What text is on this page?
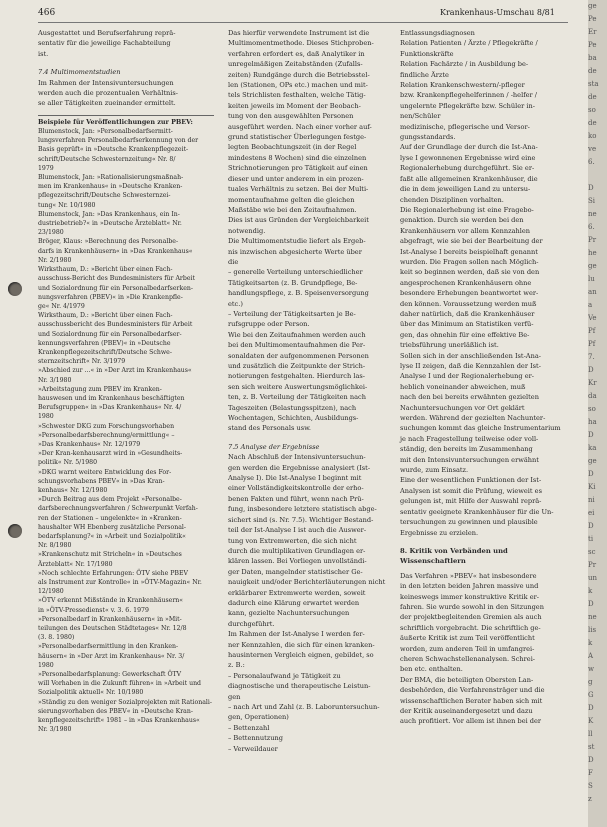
466	Krankenhaus-Umschau 8/81
Ausgestattet und Berufserfahrung reprä-
sentativ für die jeweilige Fachabteilung
ist.

7.4 Multimomentstudien

Im Rahmen der Intensivuntersuchungen
werden auch die prozentualen Verhältnis-
se aller Tätigkeiten zueinander ermittelt.

Beispiele für Veröffentlichungen zur PBEV:

Blumenstock, Jan: »Personalbedarfsermitt-
lungsverfahren Personalbedarfserkennung von der
Basis geprüft« in »Deutsche Krankenpflegezeit-
schrift/Deutsche Schwesternzeitung« Nr. 8/
1979
Blumenstock, Jan: »Rationalisierungsmaßnah-
men im Krankenhaus« in »Deutsche Kranken-
pflegezeitschrift/Deutsche Schwesternzei-
tung« Nr. 10/1980
Blumenstock, Jan: »Das Krankenhaus, ein In-
dustriebetrieb?« in »Deutsche Ärzteblatt« Nr.
23/1980
Bröger, Klaus: »Berechnung des Personalbe-
darfs in Krankenhäusern« in »Das Krankenhaus«
Nr. 2/1980
Wirksthaum, D.: »Bericht über einen Fach-
ausschuss-Bericht des Bundesministers für Arbeit
und Sozialordnung für ein Personalbedarfserken-
nungsverfahren (PBEV)« in »Die Krankenpfle-
ge« Nr. 4/1979
Wirksthaum, D.: »Bericht über einen Fach-
ausschussbericht des Bundesministers für Arbeit
und Sozialordnung für ein Personalbedarfser-
kennungsverfahren (PBEV)« in »Deutsche
Krankenpflegezeitschrift/Deutsche Schwe-
sternzeitschrift« Nr. 3/1979
»Abschied zur ...« in »Der Arzt im Krankenhaus«
Nr. 3/1980
»Arbeitstagung zum PBEV im Kranken-
hauswesen und im Krankenhaus beschäftigten
Berufsgruppen« in »Das Krankenhaus« Nr. 4/
1980
»Schwester DKG zum Forschungsvorhaben
»Personalbedarfsberechnung/ermittlung« –
»Das Krankenhaus« Nr. 12/1979
»Der Kran-kenhausarzt wird in »Gesundheits-
politik« Nr. 5/1980
»DKG warnt weitere Entwicklung des For-
schungsvorhabens PBEV« in »Das Kran-
kenhaus« Nr. 12/1980
»Durch Beitrag aus dem Projekt »Personalbe-
darfsberechnungsverfahren / Schwerpunkt Verfah-
ren der Stationen – ungelenkte« in »Kranken-
haushalter WH Ebenberg zusätzliche Personal-
bedarfsplanung?« in »Arbeit und Sozialpolitik«
Nr. 8/1980
»Krankenschutz mit Stricheln« in »Deutsches
Ärzteblatt« Nr. 17/1980
»Noch schlechte Erfahrungen: ÖTV siehe PBEV
als Instrument zur Kontrolle« in »ÖTV-Magazin« Nr. 12/1980
»ÖTV erkennt Mißstände in Krankenhäusern«
in »ÖTV-Pressedienst« v. 3. 6. 1979
»Personalbedarf in Krankenhäusern« in »Mit-
teilungen des Deutschen Städtetages« Nr. 12/8
(3. 8. 1980)
»Personalbedarfsermittlung in den Kranken-
häusern« in »Der Arzt im Krankenhaus« Nr. 3/
1980
»Personalbedarfsplanung: Gewerkschaft ÖTV
will Vorhaben in die Zukunft führen« in »Arbeit und
Sozialpolitik aktuell« Nr. 10/1980
»Ständig zu den weniger Sozialprojekten mit Rationali-
sierungsvorhaben des PBEV« in »Deutsche Kran-
kenpflegezeitschrift« 1981 – in »Das Krankenhaus«
Nr. 3/1980
Das hierfür verwendete Instrument ist die
Multimomentmethode. Dieses Stichproben-
verfahren erfordert es, daß Analytiker in
unregelmäßigen Zeitabständen (Zufalls-
zeiten) Rundgänge durch die Betriebsstel-
len (Stationen, OPs etc.) machen und mit-
tels Strichlisten festhalten, welche Tätig-
keiten jeweils im Moment der Beobach-
tung von den ausgewählten Personen
ausgeführt werden. Nach einer vorher auf-
grund statistischer Überlegungen festge-
legten Beobachtungszeit (in der Regel
mindestens 8 Wochen) sind die einzelnen
Strichnotierungen pro Tätigkeit auf einen
dieser und unter anderem in ein prozen-
tuales Verhältnis zu setzen. Bei der Multi-
momentaufnahme gelten die gleichen
Maßstäbe wie bei den Zeitaufnahmen.
Dies ist aus Gründen der Vergleichbarkeit
notwendig.
Die Multimomentstudie liefert als Ergeb-
nis inzwischen abgesicherte Werte über
die
– generelle Verteilung unterschiedlicher
Tätigkeitsarten (z. B. Grundpflege, Be-
handlungspflege, z. B. Speisenversorgung
etc.)
– Verteilung der Tätigkeitsarten je Be-
rufsgruppe oder Person.
Wie bei den Zeitaufnahmen werden auch
bei den Multimomentaufnahmen die Per-
sonaldaten der aufgenommenen Personen
und zusätzlich die Zeitpunkte der Strich-
notierungen festgehalten. Hierdurch las-
sen sich weitere Auswertungsmöglichkei-
ten, z. B. Verteilung der Tätigkeiten nach
Tageszeiten (Belastungsspitzen), nach
Wochentagen, Schichten, Ausbildungs-
stand des Personals usw.

7.5 Analyse der Ergebnisse

Nach Abschluß der Intensivuntersuchun-
gen werden die Ergebnisse analysiert (Ist-
Analyse I). Die Ist-Analyse I beginnt mit
einer Vollständigkeitskontrolle der erho-
benen Fakten und führt, wenn nach Prü-
fung, insbesondere letztere statistisch abge-
sichert sind (s. Nr. 7.5). Wichtiger Bestand-
teil der Ist-Analyse I ist auch die Auswer-
tung von Extremwerten, die sich nicht
durch die multiplikativen Grundlagen er-
klären lassen. Bei Vorliegen unvollständi-
ger Daten, mangelnder statistischer Ge-
nauigkeit und/oder Berichterläuterungen nicht
erklärbarer Extremwerte werden, soweit
dadurch eine Klärung erwartet werden
kann, gezielte Nachuntersuchungen
durchgeführt.
Im Rahmen der Ist-Analyse I werden fer-
ner Kennzahlen, die sich für einen kranken-
hausinternen Vergleich eignen, gebildet, so
z. B.:
– Personalaufwand je Tätigkeit zu
diagnostische und therapeutische Leistun-
gen
– nach Art und Zahl (z. B. Laboruntersuchun-
gen, Operationen)
– Bettenzahl
– Bettennutzung
– Verweildauer
Entlassungsdiagnosen
Relation Patienten / Ärzte / Pflegekräfte /
Funktionskräfte
Relation Fachärzte / in Ausbildung be-
findliche Ärzte
Relation Krankenschwestern/-pfleger
bzw. Krankenpflegehelferinnen / -helfer /
ungelernte Pflegekräfte bzw. Schüler in-
nen/Schüler
medizinische, pflegerische und Versor-
gungsstandards.
Auf der Grundlage der durch die Ist-Ana-
lyse I gewonnenen Ergebnisse wird eine
Regionalerhebung durchgeführt. Sie er-
faßt alle allgemeinen Krankenhäuser, die
die in dem jeweiligen Land zu untersu-
chenden Disziplinen vorhalten.
Die Regionalerhebung ist eine Fragebo-
genaktion. Durch sie werden bei den
Krankenhäusern vor allem Kennzahlen
abgefragt, wie sie bei der Bearbeitung der
Ist-Analyse I bereits beispielhaft genannt
wurden. Die Fragen sollen nach Möglich-
keit so beginnen werden, daß sie von den
angesprochenen Krankenhäusern ohne
besondere Erhebungen beantwortet wer-
den können. Voraussetzung werden muß
daher natürlich, daß die Krankenhäuser
über das Minimum an Statistiken verfü-
gen, das ohnehin für eine effektive Be-
triebsführung unerläßlich ist.
Sollen sich in der anschließenden Ist-Ana-
lyse II zeigen, daß die Kennzahlen der Ist-
Analyse I und der Regionalerhebung er-
heblich voneinander abweichen, muß
nach den bei bereits erwähnten gezielten
Nachuntersuchungen vor Ort geklärt
werden. Während der gezielten Nachunter-
suchungen kommt das gleiche Instrumentarium
je nach Fragestellung teilweise oder voll-
ständig, den bereits im Zusammenhang
mit den Intensivuntersuchungen erwähnt
wurde, zum Einsatz.
Eine der wesentlichen Funktionen der Ist-
Analysen ist somit die Prüfung, wieweit es
gelungen ist, mit Hilfe der Auswahl reprä-
sentativ geeignete Krankenhäuser für die Un-
tersuchungen zu gewinnen und plausible
Ergebnisse zu erzielen.

8. Kritik von Verbänden und Wissenschaftlern

Das Verfahren »PBEV« hat insbesondere
in den letzten beiden Jahren massive und
keineswegs immer konstruktive Kritik er-
fahren. Sie wurde sowohl in den Sitzungen
der projektbegleitenden Gremien als auch
schriftlich vorgebracht. Die schriftlich ge-
äußerte Kritik ist zum Teil veröffentlicht
worden, zum anderen Teil in umfangrei-
cheren Schwachstellenanalysen. Schrei-
ben etc. enthalten.
Der BMA, die beteiligten Obersten Lan-
desbehörden, die Verfahrensträger und die
wissenschaftlichen Berater haben sich mit
der Kritik auseinandergesetzt und dazu
auch profitiert. Vor allem ist ihnen bei der
ge
Pe
Er
Pe
ba
de
sta
de
so
de
ko
ve
6.

D
Si
ne
6.
Pr
he
ge
lu
an
a
Ve
Pf
Pf
7.
D
Kr
da
so
ha
D
ka
ge
D
Ki
ni
ei
D
ti
sc
Pr
un
k
D
ne
lis
k
A
w
g
G
D
K
ll
st
D
F
S
z
